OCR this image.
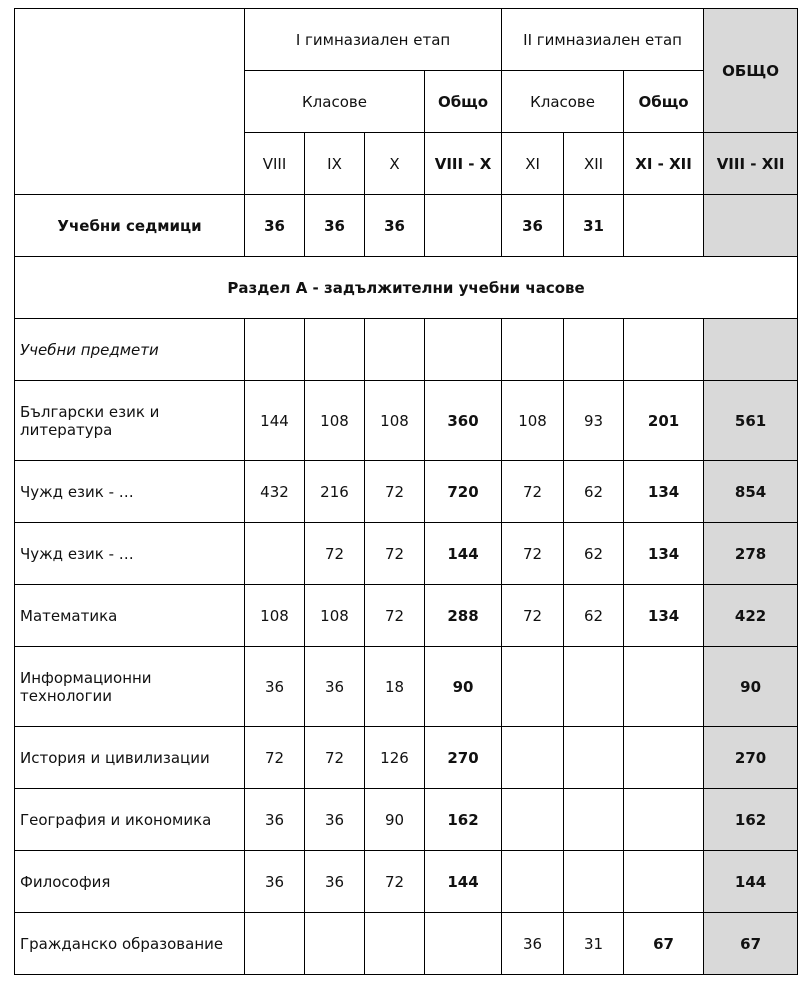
	I гимназиален етап				II гимназиален етап			ОБЩО
	Класове			Общо	Класове		Общо	
	VIII	IX	X	VIII - X	XI	XII	XI - XII	VIII - XII
Учебни седмици	36	36	36		36	31		
Раздел А - задължителни учебни часове								
Учебни предмети								
Български език и литература	144	108	108	360	108	93	201	561
Чужд език - …	432	216	72	720	72	62	134	854
Чужд език - …		72	72	144	72	62	134	278
Математика	108	108	72	288	72	62	134	422
Информационни технологии	36	36	18	90				90
История и цивилизации	72	72	126	270				270
География и икономика	36	36	90	162				162
Философия	36	36	72	144				144
Гражданско образование					36	31	67	67
